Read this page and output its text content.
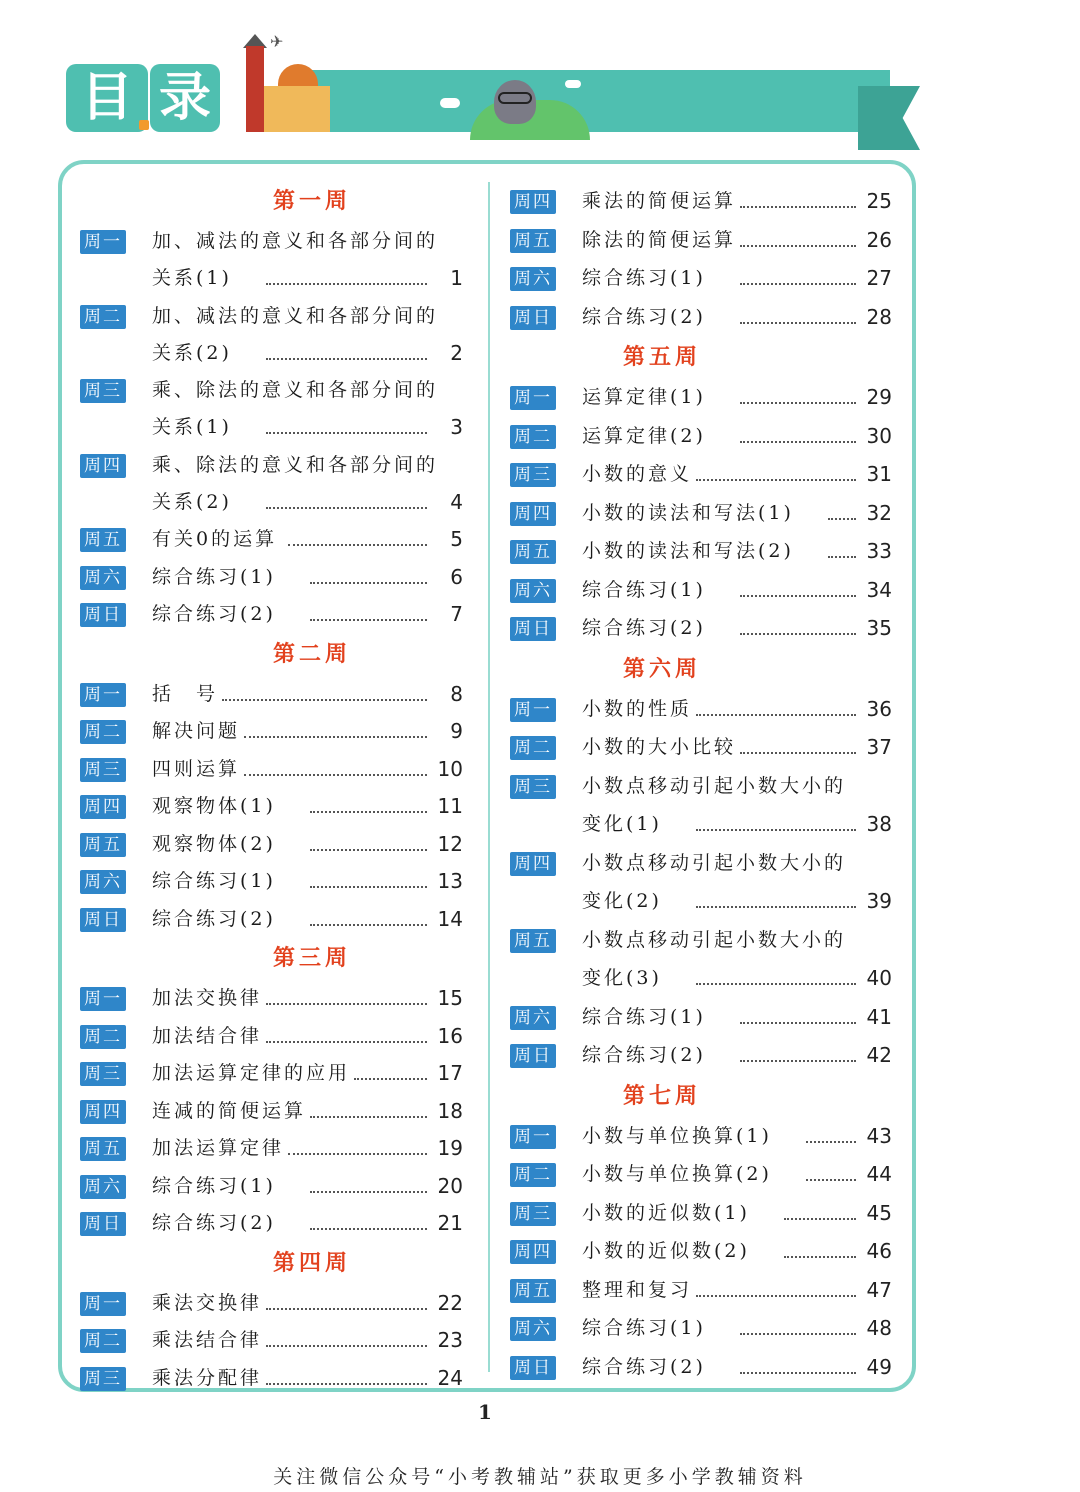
✈
目 录
第一周
周一 加、减法的意义和各部分间的
关系(1)	1
周二 加、减法的意义和各部分间的
关系(2)	2
周三 乘、除法的意义和各部分间的
关系(1)	3
周四 乘、除法的意义和各部分间的
关系(2)	4
周五 有关0的运算	5
周六 综合练习(1)	6
周日 综合练习(2)	7
第二周
周一 括　号	8
周二 解决问题	9
周三 四则运算	10
周四 观察物体(1)	11
周五 观察物体(2)	12
周六 综合练习(1)	13
周日 综合练习(2)	14
第三周
周一 加法交换律	15
周二 加法结合律	16
周三 加法运算定律的应用	17
周四 连减的简便运算	18
周五 加法运算定律	19
周六 综合练习(1)	20
周日 综合练习(2)	21
第四周
周一 乘法交换律	22
周二 乘法结合律	23
周三 乘法分配律	24
周四 乘法的简便运算	25
周五 除法的简便运算	26
周六 综合练习(1)	27
周日 综合练习(2)	28
第五周
周一 运算定律(1)	29
周二 运算定律(2)	30
周三 小数的意义	31
周四 小数的读法和写法(1)	32
周五 小数的读法和写法(2)	33
周六 综合练习(1)	34
周日 综合练习(2)	35
第六周
周一 小数的性质	36
周二 小数的大小比较	37
周三 小数点移动引起小数大小的
变化(1)	38
周四 小数点移动引起小数大小的
变化(2)	39
周五 小数点移动引起小数大小的
变化(3)	40
周六 综合练习(1)	41
周日 综合练习(2)	42
第七周
周一 小数与单位换算(1)	43
周二 小数与单位换算(2)	44
周三 小数的近似数(1)	45
周四 小数的近似数(2)	46
周五 整理和复习	47
周六 综合练习(1)	48
周日 综合练习(2)	49
1
关注微信公众号“小考教辅站”获取更多小学教辅资料
